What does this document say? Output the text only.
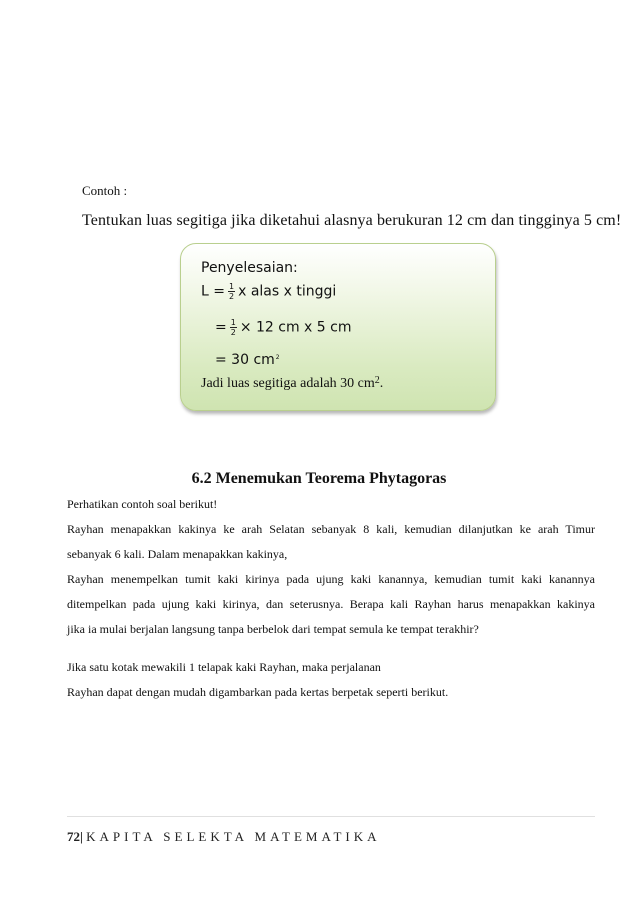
Contoh :
Tentukan luas segitiga jika diketahui alasnya berukuran 12 cm dan tingginya 5 cm!
Penyelesaian:
$L = \frac{1}{2}$ x alas x tinggi
= $\frac{1}{2} \times 12$ cm x 5 cm
= 30 $cm^2$
Jadi luas segitiga adalah 30 $cm^2$.
6.2 Menemukan Teorema Phytagoras
Perhatikan contoh soal berikut!
Rayhan menapakkan kakinya ke arah Selatan sebanyak 8 kali, kemudian dilanjutkan ke arah Timur
sebanyak 6 kali. Dalam menapakkan kakinya,
Rayhan menempelkan tumit kaki kirinya pada ujung kaki kanannya, kemudian tumit kaki kanannya
ditempelkan pada ujung kaki kirinya, dan seterusnya. Berapa kali Rayhan harus menapakkan kakinya
jika ia mulai berjalan langsung tanpa berbelok dari tempat semula ke tempat terakhir?
Jika satu kotak mewakili 1 telapak kaki Rayhan, maka perjalanan
Rayhan dapat dengan mudah digambarkan pada kertas berpetak seperti berikut.
72| KAPITA SELEKTA MATEMATIKA
